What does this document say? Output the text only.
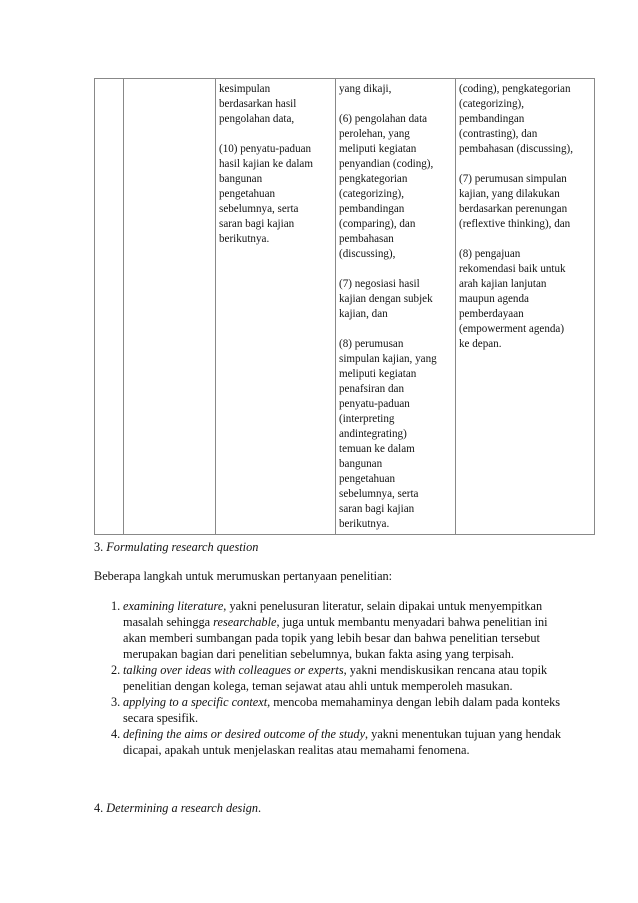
		kesimpulan
berdasarkan hasil
pengolahan data,

(10) penyatu-paduan
hasil kajian ke dalam
bangunan
pengetahuan
sebelumnya, serta
saran bagi kajian
berikutnya.	yang dikaji,

(6) pengolahan data
perolehan, yang
meliputi kegiatan
penyandian (coding),
pengkategorian
(categorizing),
pembandingan
(comparing), dan
pembahasan
(discussing),

(7) negosiasi hasil
kajian dengan subjek
kajian, dan

(8) perumusan
simpulan kajian, yang
meliputi kegiatan
penafsiran dan
penyatu-paduan
(interpreting
andintegrating)
temuan ke dalam
bangunan
pengetahuan
sebelumnya, serta
saran bagi kajian
berikutnya.	(coding), pengkategorian
(categorizing),
pembandingan
(contrasting), dan
pembahasan (discussing),

(7) perumusan simpulan
kajian, yang dilakukan
berdasarkan perenungan
(reflextive thinking), dan

(8) pengajuan
rekomendasi baik untuk
arah kajian lanjutan
maupun agenda
pemberdayaan
(empowerment agenda)
ke depan.
3. Formulating research question
Beberapa langkah untuk merumuskan pertanyaan penelitian:
1. examining literature, yakni penelusuran literatur, selain dipakai untuk menyempitkan masalah sehingga researchable, juga untuk membantu menyadari bahwa penelitian ini akan memberi sumbangan pada topik yang lebih besar dan bahwa penelitian tersebut merupakan bagian dari penelitian sebelumnya, bukan fakta asing yang terpisah.
2. talking over ideas with colleagues or experts, yakni mendiskusikan rencana atau topik penelitian dengan kolega, teman sejawat atau ahli untuk memperoleh masukan.
3. applying to a specific context, mencoba memahaminya dengan lebih dalam pada konteks secara spesifik.
4. defining the aims or desired outcome of the study, yakni menentukan tujuan yang hendak dicapai, apakah untuk menjelaskan realitas atau memahami fenomena.
4. Determining a research design.
